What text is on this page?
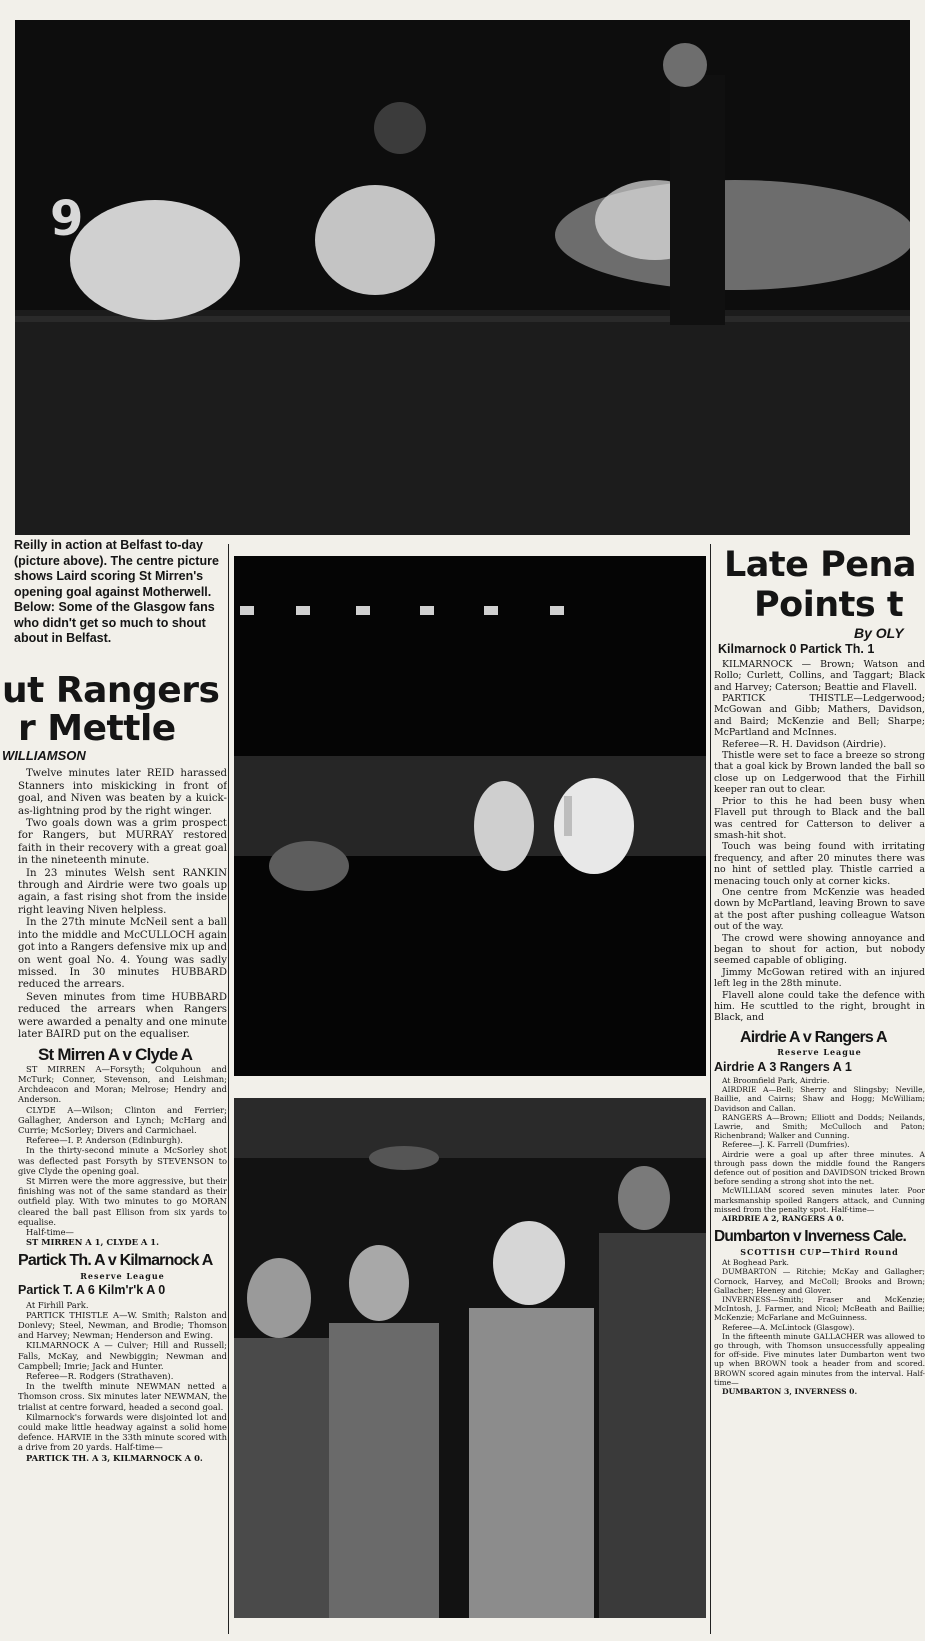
9
Reilly in action at Belfast to-day (picture above). The centre picture shows Laird scoring St Mirren's opening goal against Motherwell. Below: Some of the Glasgow fans who didn't get so much to shout about in Belfast.
ut Rangers
r Mettle
WILLIAMSON

Twelve minutes later REID harassed Stanners into miskicking in front of goal, and Niven was beaten by a kuick-as-lightning prod by the right winger.

Two goals down was a grim prospect for Rangers, but MURRAY restored faith in their recovery with a great goal in the nineteenth minute.

In 23 minutes Welsh sent RANKIN through and Airdrie were two goals up again, a fast rising shot from the inside right leaving Niven helpless.

In the 27th minute McNeil sent a ball into the middle and McCULLOCH again got into a Rangers defensive mix up and on went goal No. 4. Young was sadly missed. In 30 minutes HUBBARD reduced the arrears.

Seven minutes from time HUBBARD reduced the arrears when Rangers were awarded a penalty and one minute later BAIRD put on the equaliser.

St Mirren A v Clyde A

ST MIRREN A—Forsyth; Colquhoun and McTurk; Conner, Stevenson, and Leishman; Archdeacon and Moran; Melrose; Hendry and Anderson.

CLYDE A—Wilson; Clinton and Ferrier; Gallagher, Anderson and Lynch; McHarg and Currie; McSorley; Divers and Carmichael.

Referee—I. P. Anderson (Edinburgh).

In the thirty-second minute a McSorley shot was deflected past Forsyth by STEVENSON to give Clyde the opening goal.

St Mirren were the more aggressive, but their finishing was not of the same standard as their outfield play. With two minutes to go MORAN cleared the ball past Ellison from six yards to equalise.

Half-time—

ST MIRREN A 1, CLYDE A 1.

Partick Th. A v Kilmarnock A
Reserve League
Partick T. A 6 Kilm'r'k A 0

At Firhill Park.

PARTICK THISTLE A—W. Smith; Ralston and Donlevy; Steel, Newman, and Brodie; Thomson and Harvey; Newman; Henderson and Ewing.

KILMARNOCK A — Culver; Hill and Russell; Falls, McKay, and Newbiggin; Newman and Campbell; Imrie; Jack and Hunter.

Referee—R. Rodgers (Strathaven).

In the twelfth minute NEWMAN netted a Thomson cross. Six minutes later NEWMAN, the trialist at centre forward, headed a second goal.

Kilmarnock's forwards were disjointed lot and could make little headway against a solid home defence. HARVIE in the 33th minute scored with a drive from 20 yards. Half-time—

PARTICK TH. A 3, KILMARNOCK A 0.

Late Pena
Points t
By OLY
Kilmarnock 0 Partick Th. 1

KILMARNOCK — Brown; Watson and Rollo; Curlett, Collins, and Taggart; Black and Harvey; Caterson; Beattie and Flavell.

PARTICK THISTLE—Ledgerwood; McGowan and Gibb; Mathers, Davidson, and Baird; McKenzie and Bell; Sharpe; McPartland and McInnes.

Referee—R. H. Davidson (Airdrie).

Thistle were set to face a breeze so strong that a goal kick by Brown landed the ball so close up on Ledgerwood that the Firhill keeper ran out to clear.

Prior to this he had been busy when Flavell put through to Black and the ball was centred for Catterson to deliver a smash-hit shot.

Touch was being found with irritating frequency, and after 20 minutes there was no hint of settled play. Thistle carried a menacing touch only at corner kicks.

One centre from McKenzie was headed down by McPartland, leaving Brown to save at the post after pushing colleague Watson out of the way.

The crowd were showing annoyance and began to shout for action, but nobody seemed capable of obliging.

Jimmy McGowan retired with an injured left leg in the 28th minute.

Flavell alone could take the defence with him. He scuttled to the right, brought in Black, and

Airdrie A v Rangers A
Reserve League
Airdrie A 3 Rangers A 1

At Broomfield Park, Airdrie.

AIRDRIE A—Bell; Sherry and Slingsby; Neville, Baillie, and Cairns; Shaw and Hogg; McWilliam; Davidson and Callan.

RANGERS A—Brown; Elliott and Dodds; Neilands, Lawrie, and Smith; McCulloch and Paton; Richenbrand; Walker and Cunning.

Referee—J. K. Farrell (Dumfries).

Airdrie were a goal up after three minutes. A through pass down the middle found the Rangers defence out of position and DAVIDSON tricked Brown before sending a strong shot into the net.

McWILLIAM scored seven minutes later. Poor marksmanship spoiled Rangers attack, and Cunning missed from the penalty spot. Half-time—

AIRDRIE A 2, RANGERS A 0.

Dumbarton v Inverness Cale.
SCOTTISH CUP—Third Round

At Boghead Park.

DUMBARTON — Ritchie; McKay and Gallagher; Cornock, Harvey, and McColl; Brooks and Brown; Gallacher; Heeney and Glover.

INVERNESS—Smith; Fraser and McKenzie; McIntosh, J. Farmer, and Nicol; McBeath and Baillie; McKenzie; McFarlane and McGuinness.

Referee—A. McLintock (Glasgow).

In the fifteenth minute GALLACHER was allowed to go through, with Thomson unsuccessfully appealing for off-side. Five minutes later Dumbarton went two up when BROWN took a header from and scored. BROWN scored again minutes from the interval. Half-time—

DUMBARTON 3, INVERNESS 0.
